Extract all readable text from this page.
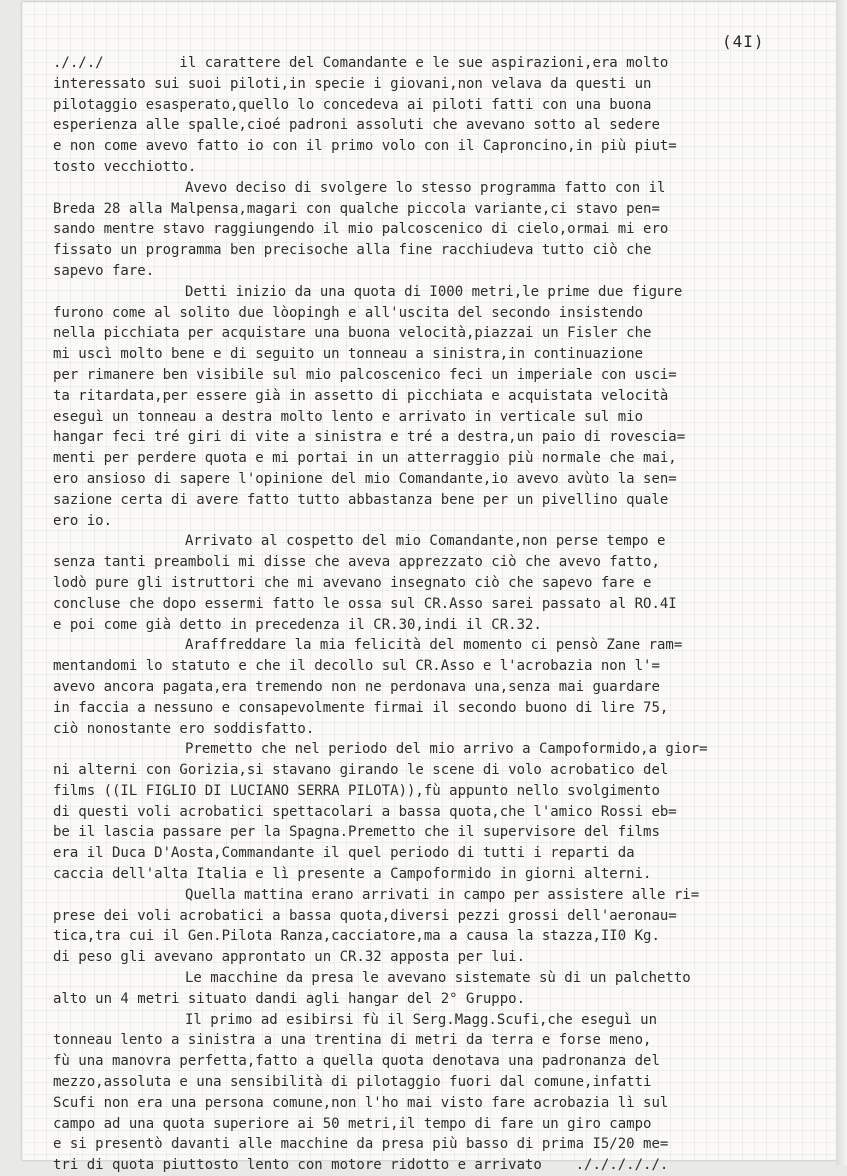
(4I)
./././         il carattere del Comandante e le sue aspirazioni,era molto
interessato sui suoi piloti,in specie i giovani,non velava da questi un
pilotaggio esasperato,quello lo concedeva ai piloti fatti con una buona
esperienza alle spalle,cioé padroni assoluti che avevano sotto al sedere
e non come avevo fatto io con il primo volo con il Caproncino,in più piut=
tosto vecchiotto.
Avevo deciso di svolgere lo stesso programma fatto con il
Breda 28 alla Malpensa,magari con qualche piccola variante,ci stavo pen=
sando mentre stavo raggiungendo il mio palcoscenico di cielo,ormai mi ero
fissato un programma ben precisoche alla fine racchiudeva tutto ciò che
sapevo fare.
Detti inizio da una quota di I000 metri,le prime due figure
furono come al solito due lòopingh e all'uscita del secondo insistendo
nella picchiata per acquistare una buona velocità,piazzai un Fisler che
mi uscì molto bene e di seguito un tonneau a sinistra,in continuazione
per rimanere ben visibile sul mio palcoscenico feci un imperiale con usci=
ta ritardata,per essere già in assetto di picchiata e acquistata velocità
eseguì un tonneau a destra molto lento e arrivato in verticale sul mio
hangar feci tré giri di vite a sinistra e tré a destra,un paio di rovescia=
menti per perdere quota e mi portai in un atterraggio più normale che mai,
ero ansioso di sapere l'opinione del mio Comandante,io avevo avùto la sen=
sazione certa di avere fatto tutto abbastanza bene per un pivellino quale
ero io.
Arrivato al cospetto del mio Comandante,non perse tempo e
senza tanti preamboli mi disse che aveva apprezzato ciò che avevo fatto,
lodò pure gli istruttori che mi avevano insegnato ciò che sapevo fare e
concluse che dopo essermi fatto le ossa sul CR.Asso sarei passato al RO.4I
e poi come già detto in precedenza il CR.30,indi il CR.32.
Araffreddare la mia felicità del momento ci pensò Zane ram=
mentandomi lo statuto e che il decollo sul CR.Asso e l'acrobazia non l'=
avevo ancora pagata,era tremendo non ne perdonava una,senza mai guardare
in faccia a nessuno e consapevolmente firmai il secondo buono di lire 75,
ciò nonostante ero soddisfatto.
Premetto che nel periodo del mio arrivo a Campoformido,a gior=
ni alterni con Gorizia,si stavano girando le scene di volo acrobatico del
films ((IL FIGLIO DI LUCIANO SERRA PILOTA)),fù appunto nello svolgimento
di questi voli acrobatici spettacolari a bassa quota,che l'amico Rossi eb=
be il lascia passare per la Spagna.Premetto che il supervisore del films
era il Duca D'Aosta,Commandante il quel periodo di tutti i reparti da
caccia dell'alta Italia e lì presente a Campoformido in giorni alterni.
Quella mattina erano arrivati in campo per assistere alle ri=
prese dei voli acrobatici a bassa quota,diversi pezzi grossi dell'aeronau=
tica,tra cui il Gen.Pilota Ranza,cacciatore,ma a causa la stazza,II0 Kg.
di peso gli avevano approntato un CR.32 apposta per lui.
Le macchine da presa le avevano sistemate sù di un palchetto
alto un 4 metri situato dandi agli hangar del 2° Gruppo.
Il primo ad esibirsi fù il Serg.Magg.Scufi,che eseguì un
tonneau lento a sinistra a una trentina di metri da terra e forse meno,
fù una manovra perfetta,fatto a quella quota denotava una padronanza del
mezzo,assoluta e una sensibilità di pilotaggio fuori dal comune,infatti
Scufi non era una persona comune,non l'ho mai visto fare acrobazia lì sul
campo ad una quota superiore ai 50 metri,il tempo di fare un giro campo
e si presentò davanti alle macchine da presa più basso di prima I5/20 me=
tri di quota piuttosto lento con motore ridotto e arrivato    ./././././.
